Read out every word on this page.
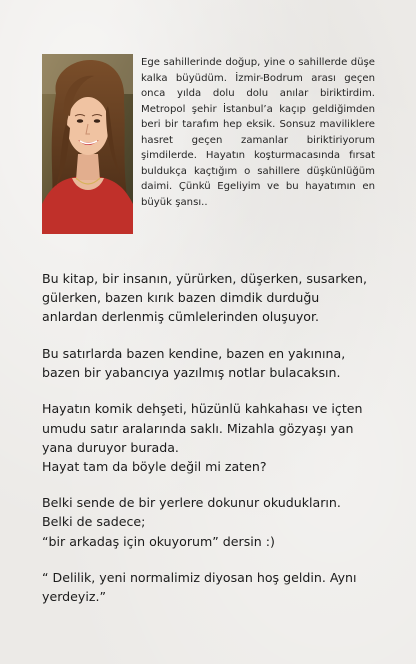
Ege sahillerinde doğup, yine o sahillerde düşe kalka büyüdüm. İzmir-Bodrum arası geçen onca yılda dolu dolu anılar biriktirdim. Metropol şehir İstanbul’a kaçıp geldiğimden beri bir tarafım hep eksik. Sonsuz maviliklere hasret geçen zamanlar biriktiriyorum şimdilerde. Hayatın koşturmacasında fırsat buldukça kaçtığım o sahillere düşkünlüğüm daimi. Çünkü Egeliyim ve bu hayatımın en büyük şansı..

Bu kitap, bir insanın, yürürken, düşerken, susarken,
gülerken, bazen kırık bazen dimdik durduğu
anlardan derlenmiş cümlelerinden oluşuyor.

Bu satırlarda bazen kendine, bazen en yakınına,
bazen bir yabancıya yazılmış notlar bulacaksın.

Hayatın komik dehşeti, hüzünlü kahkahası ve içten
umudu satır aralarında saklı. Mizahla gözyaşı yan
yana duruyor burada.
Hayat tam da böyle değil mi zaten?

Belki sende de bir yerlere dokunur okudukların.
Belki de sadece;
“bir arkadaş için okuyorum” dersin :)

“ Delilik, yeni normalimiz diyosan hoş geldin. Aynı
yerdeyiz.”
